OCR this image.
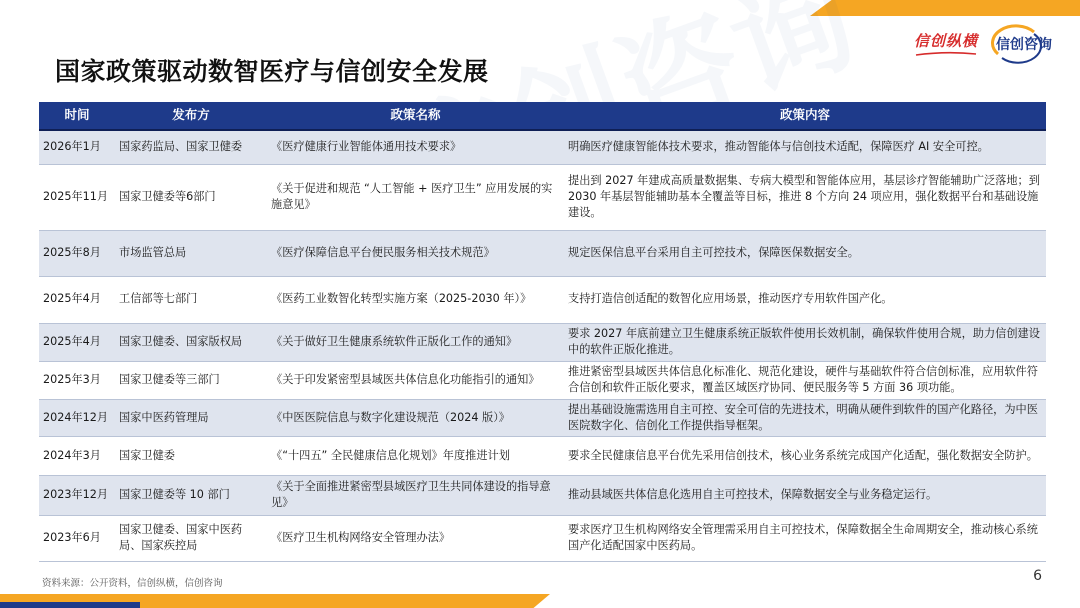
国家政策驱动数智医疗与信创安全发展
信创纵横 信创咨询
时间	发布方	政策名称	政策内容
2026年1月	国家药监局、国家卫健委	《医疗健康行业智能体通用技术要求》	明确医疗健康智能体技术要求，推动智能体与信创技术适配，保障医疗 AI 安全可控。
2025年11月	国家卫健委等6部门	《关于促进和规范 “人工智能 + 医疗卫生” 应用发展的实施意见》	提出到 2027 年建成高质量数据集、专病大模型和智能体应用，基层诊疗智能辅助广泛落地；到 2030 年基层智能辅助基本全覆盖等目标，推进 8 个方向 24 项应用，强化数据平台和基础设施建设。
2025年8月	市场监管总局	《医疗保障信息平台便民服务相关技术规范》	规定医保信息平台采用自主可控技术，保障医保数据安全。
2025年4月	工信部等七部门	《医药工业数智化转型实施方案（2025-2030 年）》	支持打造信创适配的数智化应用场景，推动医疗专用软件国产化。
2025年4月	国家卫健委、国家版权局	《关于做好卫生健康系统软件正版化工作的通知》	要求 2027 年底前建立卫生健康系统正版软件使用长效机制，确保软件使用合规，助力信创建设中的软件正版化推进。
2025年3月	国家卫健委等三部门	《关于印发紧密型县域医共体信息化功能指引的通知》	推进紧密型县域医共体信息化标准化、规范化建设，硬件与基础软件符合信创标准，应用软件符合信创和软件正版化要求，覆盖区域医疗协同、便民服务等 5 方面 36 项功能。
2024年12月	国家中医药管理局	《中医医院信息与数字化建设规范（2024 版）》	提出基础设施需选用自主可控、安全可信的先进技术，明确从硬件到软件的国产化路径，为中医医院数字化、信创化工作提供指导框架。
2024年3月	国家卫健委	《“十四五” 全民健康信息化规划》年度推进计划	要求全民健康信息平台优先采用信创技术，核心业务系统完成国产化适配，强化数据安全防护。
2023年12月	国家卫健委等 10 部门	《关于全面推进紧密型县域医疗卫生共同体建设的指导意见》	推动县域医共体信息化选用自主可控技术，保障数据安全与业务稳定运行。
2023年6月	国家卫健委、国家中医药局、国家疾控局	《医疗卫生机构网络安全管理办法》	要求医疗卫生机构网络安全管理需采用自主可控技术，保障数据全生命周期安全，推动核心系统国产化适配国家中医药局。
资料来源：公开资料，信创纵横，信创咨询	6
